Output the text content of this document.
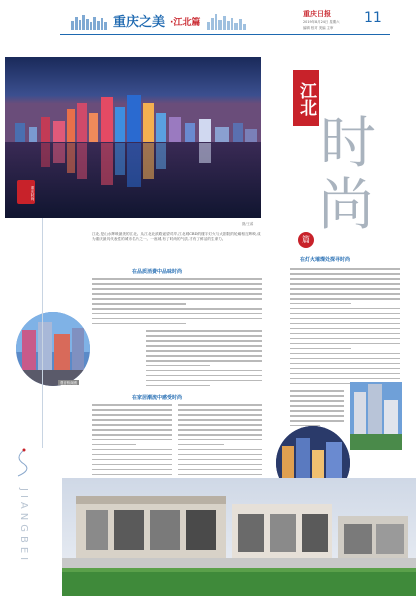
重庆之美 ·江北篇
重庆日报
2019年8月24日 星期六
编辑 校对 美编 主审
11
摄/王睿
重庆时尚
江北
时
尚
篇
江北,是山水辉映最美的江北。从江北北滨路遥望对岸,江北城CBD的楼宇灯火与大剧院的轮廓相互辉映,成为重庆最具代表性的城市名片之一。一座城,有了时尚的气质,才有了鲜活的生命力。
在品质消费中品味时尚
观音桥商圈
在家居潮流中感受时尚
在灯火璀璨处探寻时尚
JIANGBEI
